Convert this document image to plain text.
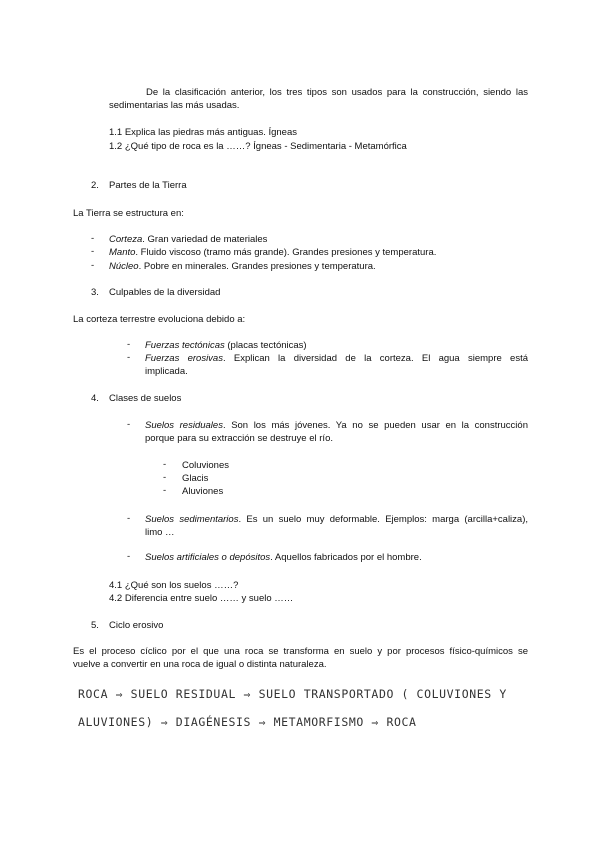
De la clasificación anterior, los tres tipos son usados para la construcción, siendo las
sedimentarias las más usadas.
1.1 Explica las piedras más antiguas. Ígneas
1.2 ¿Qué tipo de roca es la ……? Ígneas - Sedimentaria - Metamórfica
2. Partes de la Tierra
La Tierra se estructura en:
- Corteza. Gran variedad de materiales
- Manto. Fluido viscoso (tramo más grande). Grandes presiones y temperatura.
- Núcleo. Pobre en minerales. Grandes presiones y temperatura.
3. Culpables de la diversidad
La corteza terrestre evoluciona debido a:
- Fuerzas tectónicas (placas tectónicas)
- Fuerzas erosivas. Explican la diversidad de la corteza. El agua siempre está
implicada.
4. Clases de suelos
- Suelos residuales. Son los más jóvenes. Ya no se pueden usar en la construcción
porque para su extracción se destruye el río.
- Coluviones
- Glacis
- Aluviones
- Suelos sedimentarios. Es un suelo muy deformable. Ejemplos: marga (arcilla+caliza),
limo …
- Suelos artificiales o depósitos. Aquellos fabricados por el hombre.
4.1 ¿Qué son los suelos ……?
4.2 Diferencia entre suelo …… y suelo ……
5. Ciclo erosivo
Es el proceso cíclico por el que una roca se transforma en suelo y por procesos físico-químicos se
vuelve a convertir en una roca de igual o distinta naturaleza.
ROCA ⇒ SUELO RESIDUAL ⇒ SUELO TRANSPORTADO ( COLUVIONES Y
ALUVIONES) ⇒ DIAGÉNESIS ⇒ METAMORFISMO ⇒ ROCA
